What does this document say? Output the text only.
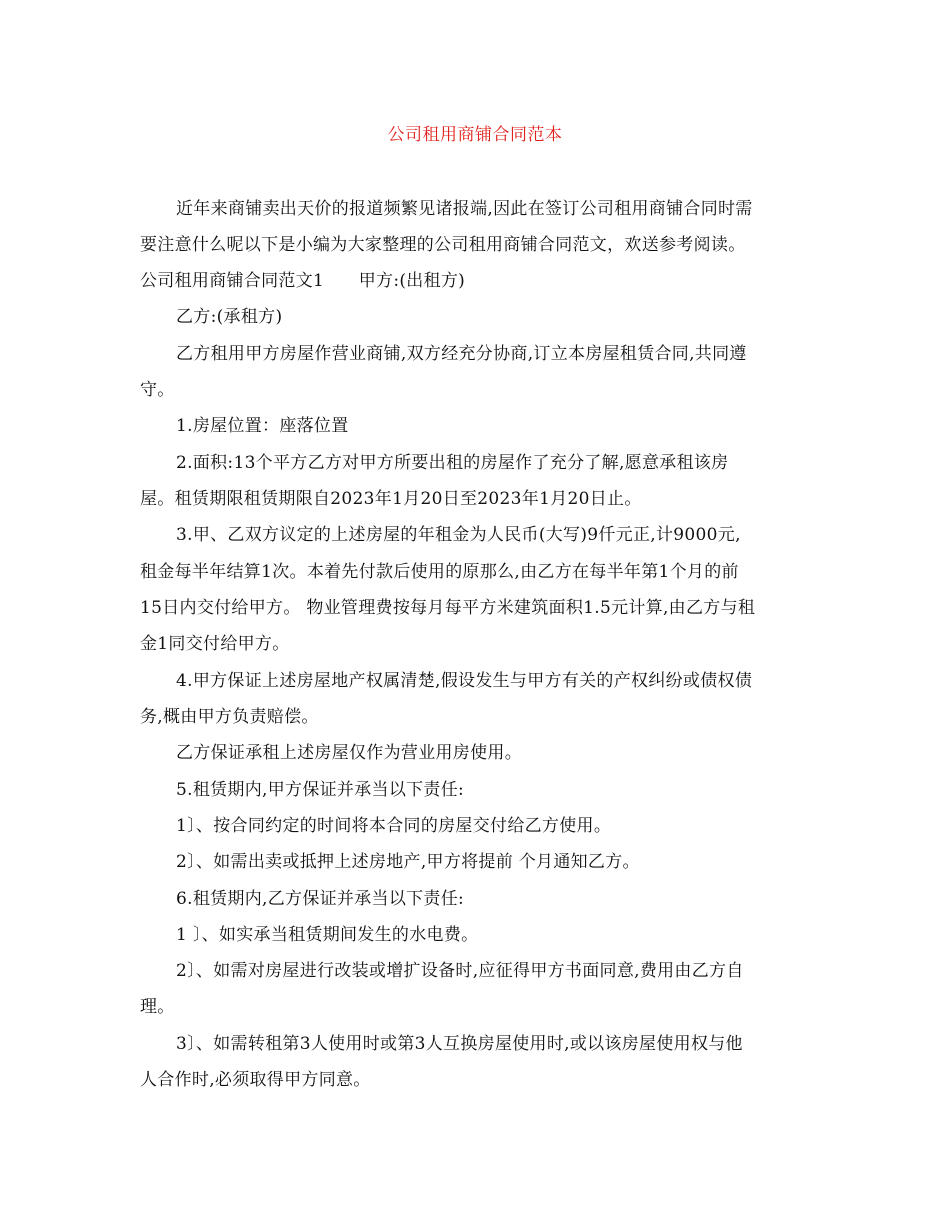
公司租用商铺合同范本
近年来商铺卖出天价的报道频繁见诸报端,因此在签订公司租用商铺合同时需
要注意什么呢以下是小编为大家整理的公司租用商铺合同范文，欢送参考阅读。
公司租用商铺合同范文1　　甲方:(出租方)
乙方:(承租方)
乙方租用甲方房屋作营业商铺,双方经充分协商,订立本房屋租赁合同,共同遵
守。
1.房屋位置：座落位置
2.面积:13个平方乙方对甲方所要出租的房屋作了充分了解,愿意承租该房
屋。租赁期限租赁期限自2023年1月20日至2023年1月20日止。
3.甲、乙双方议定的上述房屋的年租金为人民币(大写)9仟元正,计9000元,
租金每半年结算1次。本着先付款后使用的原那么,由乙方在每半年第1个月的前
15日内交付给甲方。 物业管理费按每月每平方米建筑面积1.5元计算,由乙方与租
金1同交付给甲方。
4.甲方保证上述房屋地产权属清楚,假设发生与甲方有关的产权纠纷或债权债
务,概由甲方负责赔偿。
乙方保证承租上述房屋仅作为营业用房使用。
5.租赁期内,甲方保证并承当以下责任:
1〕、按合同约定的时间将本合同的房屋交付给乙方使用。
2〕、如需出卖或抵押上述房地产,甲方将提前 个月通知乙方。
6.租赁期内,乙方保证并承当以下责任:
1 〕、如实承当租赁期间发生的水电费。
2〕、如需对房屋进行改装或增扩设备时,应征得甲方书面同意,费用由乙方自
理。
3〕、如需转租第3人使用时或第3人互换房屋使用时,或以该房屋使用权与他
人合作时,必须取得甲方同意。
